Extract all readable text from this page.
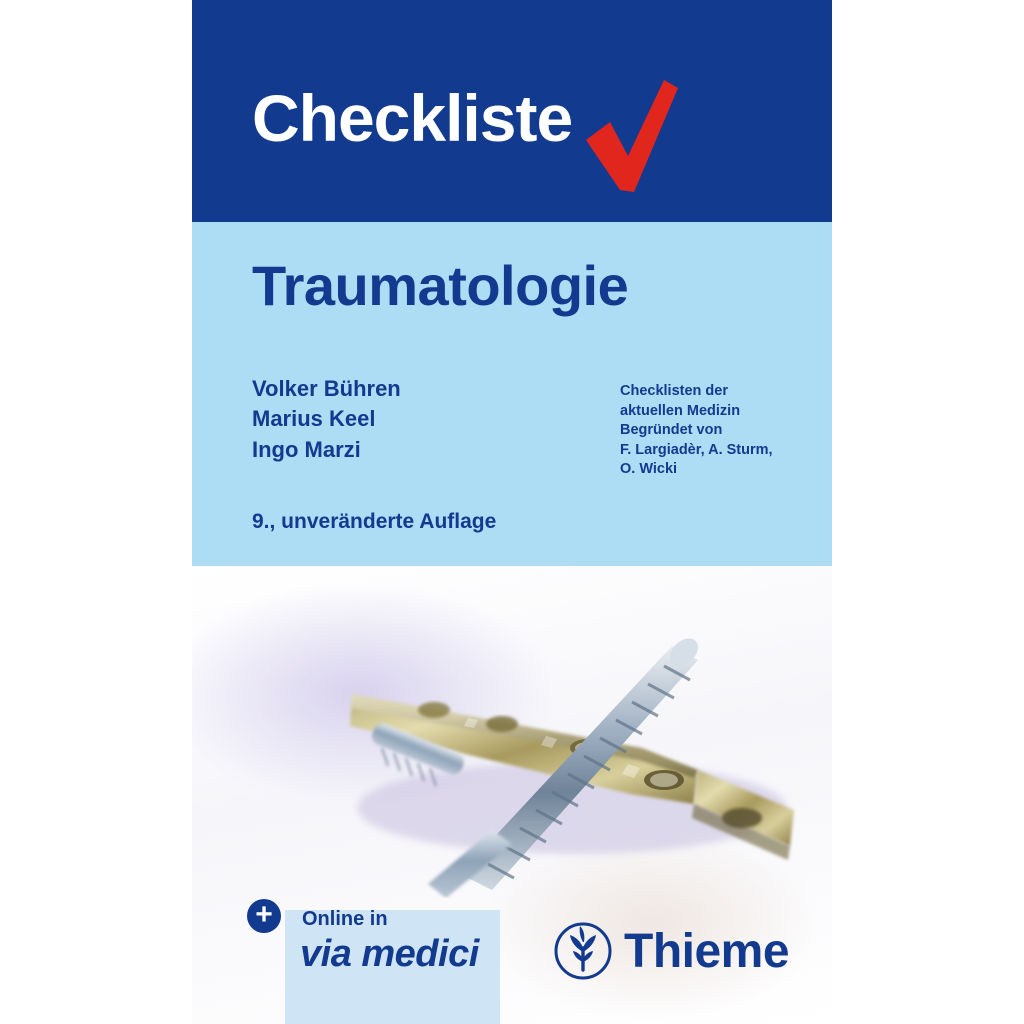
Checkliste
Traumatologie
Volker Bühren
Marius Keel
Ingo Marzi
Checklisten der
aktuellen Medizin
Begründet von
F. Largiadèr, A. Sturm,
O. Wicki
9., unveränderte Auflage
+	Online in
via medici	Thieme
